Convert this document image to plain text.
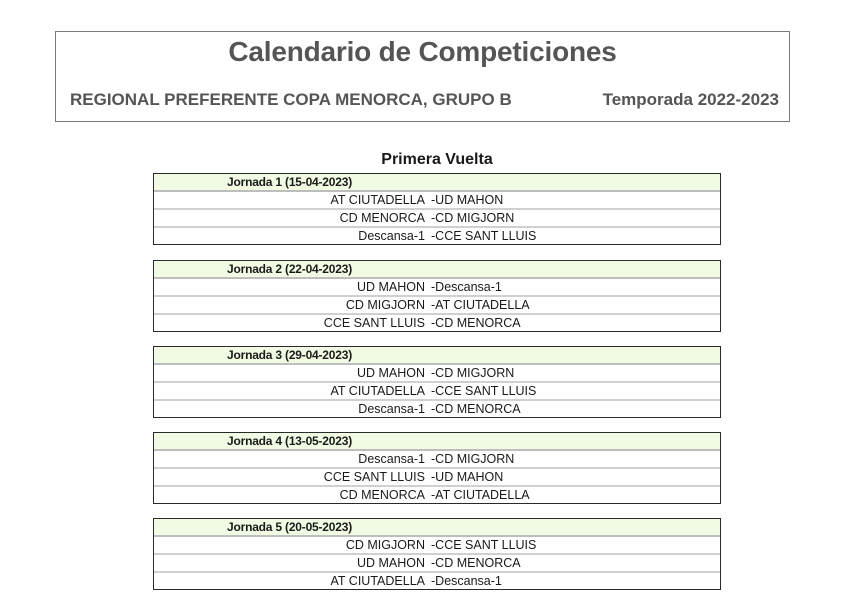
Calendario de Competiciones
REGIONAL PREFERENTE COPA MENORCA, GRUPO B	Temporada 2022-2023
Primera Vuelta
Jornada 1 (15-04-2023)
AT CIUTADELLA -UD MAHON
CD MENORCA -CD MIGJORN
Descansa-1 -CCE SANT LLUIS
Jornada 2 (22-04-2023)
UD MAHON -Descansa-1
CD MIGJORN -AT CIUTADELLA
CCE SANT LLUIS -CD MENORCA
Jornada 3 (29-04-2023)
UD MAHON -CD MIGJORN
AT CIUTADELLA -CCE SANT LLUIS
Descansa-1 -CD MENORCA
Jornada 4 (13-05-2023)
Descansa-1 -CD MIGJORN
CCE SANT LLUIS -UD MAHON
CD MENORCA -AT CIUTADELLA
Jornada 5 (20-05-2023)
CD MIGJORN -CCE SANT LLUIS
UD MAHON -CD MENORCA
AT CIUTADELLA -Descansa-1
